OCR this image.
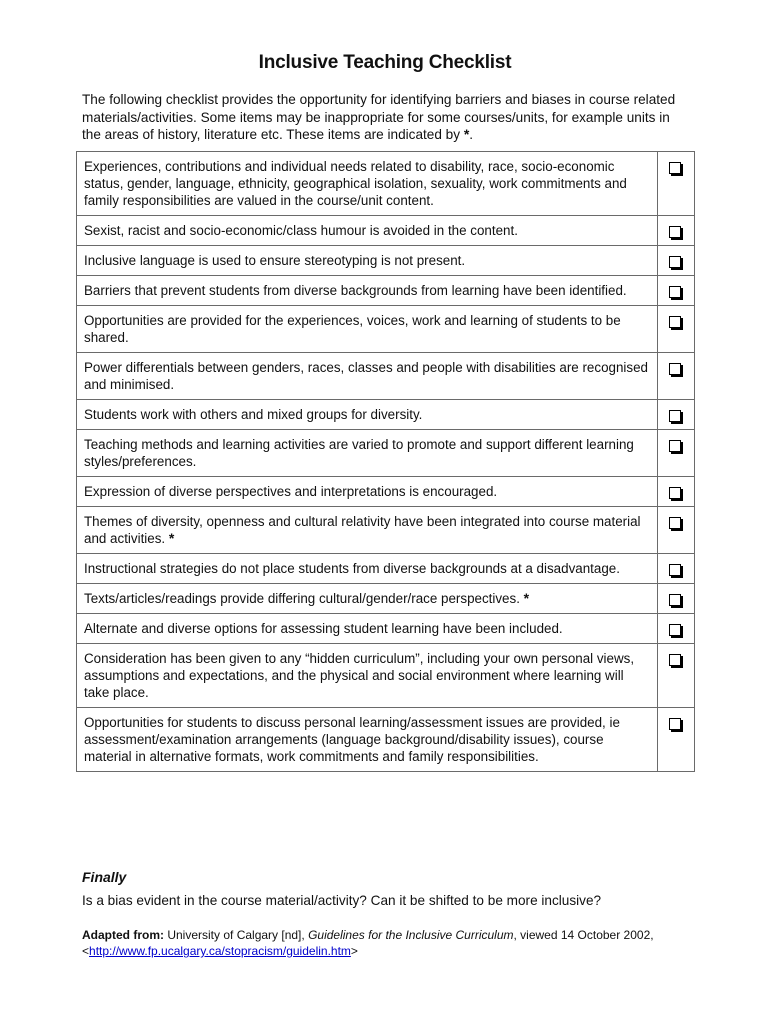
Inclusive Teaching Checklist

The following checklist provides the opportunity for identifying barriers and biases in course related materials/activities. Some items may be inappropriate for some courses/units, for example units in the areas of history, literature etc. These items are indicated by *.

Experiences, contributions and individual needs related to disability, race, socio-economic status, gender, language, ethnicity, geographical isolation, sexuality, work commitments and family responsibilities are valued in the course/unit content.	
Sexist, racist and socio-economic/class humour is avoided in the content.	
Inclusive language is used to ensure stereotyping is not present.	
Barriers that prevent students from diverse backgrounds from learning have been identified.	
Opportunities are provided for the experiences, voices, work and learning of students to be shared.	
Power differentials between genders, races, classes and people with disabilities are recognised and minimised.	
Students work with others and mixed groups for diversity.	
Teaching methods and learning activities are varied to promote and support different learning styles/preferences.	
Expression of diverse perspectives and interpretations is encouraged.	
Themes of diversity, openness and cultural relativity have been integrated into course material and activities. *	
Instructional strategies do not place students from diverse backgrounds at a disadvantage.	
Texts/articles/readings provide differing cultural/gender/race perspectives. *	
Alternate and diverse options for assessing student learning have been included.	
Consideration has been given to any “hidden curriculum”, including your own personal views, assumptions and expectations, and the physical and social environment where learning will take place.	
Opportunities for students to discuss personal learning/assessment issues are provided, ie assessment/examination arrangements (language background/disability issues), course material in alternative formats, work commitments and family responsibilities.	
Finally
Is a bias evident in the course material/activity? Can it be shifted to be more inclusive?
Adapted from: University of Calgary [nd], Guidelines for the Inclusive Curriculum, viewed 14 October 2002,
<http://www.fp.ucalgary.ca/stopracism/guidelin.htm>
